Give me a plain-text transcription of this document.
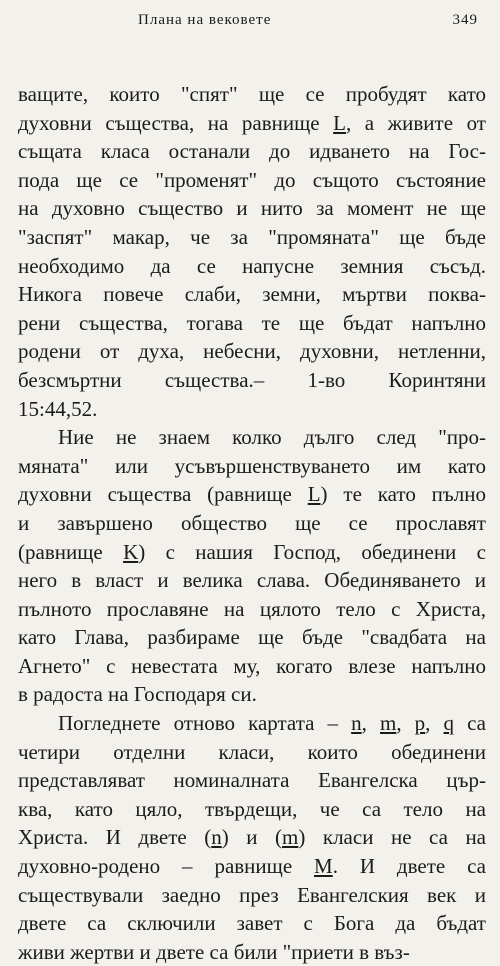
Плана на вековете	349
ващите, които "спят" ще се пробудят като
духовни същества, на равнище L, а живите от
същата класа останали до идването на Гос-
пода ще се "променят" до същото състояние
на духовно същество и нито за момент не ще
"заспят" макар, че за "промяната" ще бъде
необходимо да се напусне земния съсъд.
Никога повече слаби, земни, мъртви поква-
рени същества, тогава те ще бъдат напълно
родени от духа, небесни, духовни, нетленни,
безсмъртни същества.– 1-во Коринтяни
15:44,52.
Ние не знаем колко дълго след "про-
мяната" или усъвършенствуването им като
духовни същества (равнище L) те като пълно
и завършено общество ще се прославят
(равнище K) с нашия Господ, обединени с
него в власт и велика слава. Обединяването и
пълното прославяне на цялото тело с Христа,
като Глава, разбираме ще бъде "свадбата на
Агнето" с невестата му, когато влезе напълно
в радоста на Господаря си.
Погледнете отново картата – n, m, p, q са
четири отделни класи, които обединени
представляват номиналната Евангелска цър-
ква, като цяло, твърдещи, че са тело на
Христа. И двете (n) и (m) класи не са на
духовно-родено – равнище M. И двете са
съществували заедно през Евангелския век и
двете са сключили завет с Бога да бъдат
живи жертви и двете са били "приети в въз-
